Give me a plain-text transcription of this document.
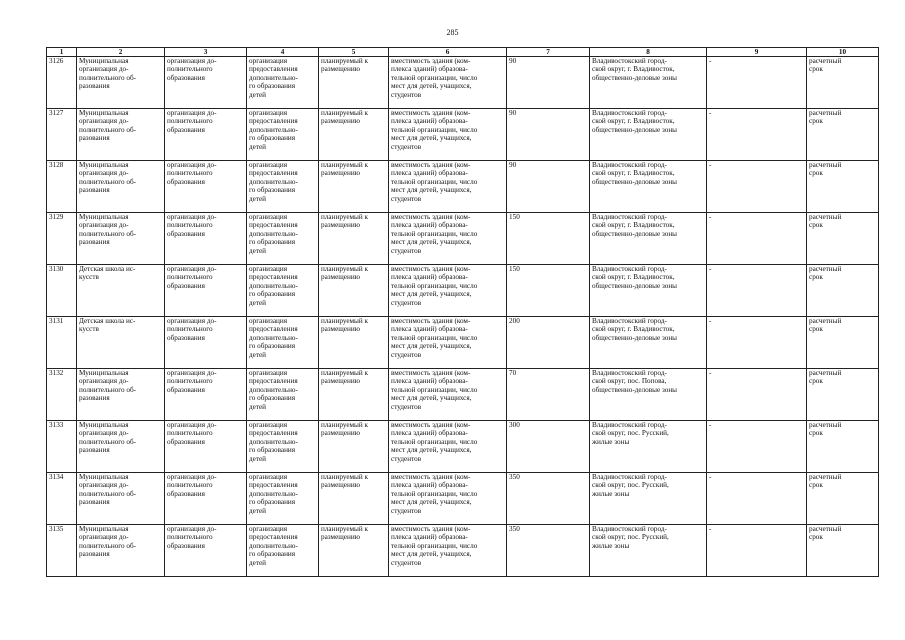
285
1	2	3	4	5	6	7	8	9	10
3126	Муниципальная
организация до-
полнительного об-
разования	организация до-
полнительного
образования	организация
предоставления
дополнительно-
го образования
детей	планируемый к
размещению	вместимость здания (ком-
плекса зданий) образова-
тельной организации, число
мест для детей, учащихся,
студентов	90	Владивостокский город-
ской округ, г. Владивосток,
общественно-деловые зоны	-	расчетный
срок
3127	Муниципальная
организация до-
полнительного об-
разования	организация до-
полнительного
образования	организация
предоставления
дополнительно-
го образования
детей	планируемый к
размещению	вместимость здания (ком-
плекса зданий) образова-
тельной организации, число
мест для детей, учащихся,
студентов	90	Владивостокский город-
ской округ, г. Владивосток,
общественно-деловые зоны	-	расчетный
срок
3128	Муниципальная
организация до-
полнительного об-
разования	организация до-
полнительного
образования	организация
предоставления
дополнительно-
го образования
детей	планируемый к
размещению	вместимость здания (ком-
плекса зданий) образова-
тельной организации, число
мест для детей, учащихся,
студентов	90	Владивостокский город-
ской округ, г. Владивосток,
общественно-деловые зоны	-	расчетный
срок
3129	Муниципальная
организация до-
полнительного об-
разования	организация до-
полнительного
образования	организация
предоставления
дополнительно-
го образования
детей	планируемый к
размещению	вместимость здания (ком-
плекса зданий) образова-
тельной организации, число
мест для детей, учащихся,
студентов	150	Владивостокский город-
ской округ, г. Владивосток,
общественно-деловые зоны	-	расчетный
срок
3130	Детская школа ис-
кусств	организация до-
полнительного
образования	организация
предоставления
дополнительно-
го образования
детей	планируемый к
размещению	вместимость здания (ком-
плекса зданий) образова-
тельной организации, число
мест для детей, учащихся,
студентов	150	Владивостокский город-
ской округ, г. Владивосток,
общественно-деловые зоны	-	расчетный
срок
3131	Детская школа ис-
кусств	организация до-
полнительного
образования	организация
предоставления
дополнительно-
го образования
детей	планируемый к
размещению	вместимость здания (ком-
плекса зданий) образова-
тельной организации, число
мест для детей, учащихся,
студентов	200	Владивостокский город-
ской округ, г. Владивосток,
общественно-деловые зоны	-	расчетный
срок
3132	Муниципальная
организация до-
полнительного об-
разования	организация до-
полнительного
образования	организация
предоставления
дополнительно-
го образования
детей	планируемый к
размещению	вместимость здания (ком-
плекса зданий) образова-
тельной организации, число
мест для детей, учащихся,
студентов	70	Владивостокский город-
ской округ, пос. Попова,
общественно-деловые зоны	-	расчетный
срок
3133	Муниципальная
организация до-
полнительного об-
разования	организация до-
полнительного
образования	организация
предоставления
дополнительно-
го образования
детей	планируемый к
размещению	вместимость здания (ком-
плекса зданий) образова-
тельной организации, число
мест для детей, учащихся,
студентов	300	Владивостокский город-
ской округ, пос. Русский,
жилые зоны	-	расчетный
срок
3134	Муниципальная
организация до-
полнительного об-
разования	организация до-
полнительного
образования	организация
предоставления
дополнительно-
го образования
детей	планируемый к
размещению	вместимость здания (ком-
плекса зданий) образова-
тельной организации, число
мест для детей, учащихся,
студентов	350	Владивостокский город-
ской округ, пос. Русский,
жилые зоны	-	расчетный
срок
3135	Муниципальная
организация до-
полнительного об-
разования	организация до-
полнительного
образования	организация
предоставления
дополнительно-
го образования
детей	планируемый к
размещению	вместимость здания (ком-
плекса зданий) образова-
тельной организации, число
мест для детей, учащихся,
студентов	350	Владивостокский город-
ской округ, пос. Русский,
жилые зоны	-	расчетный
срок
